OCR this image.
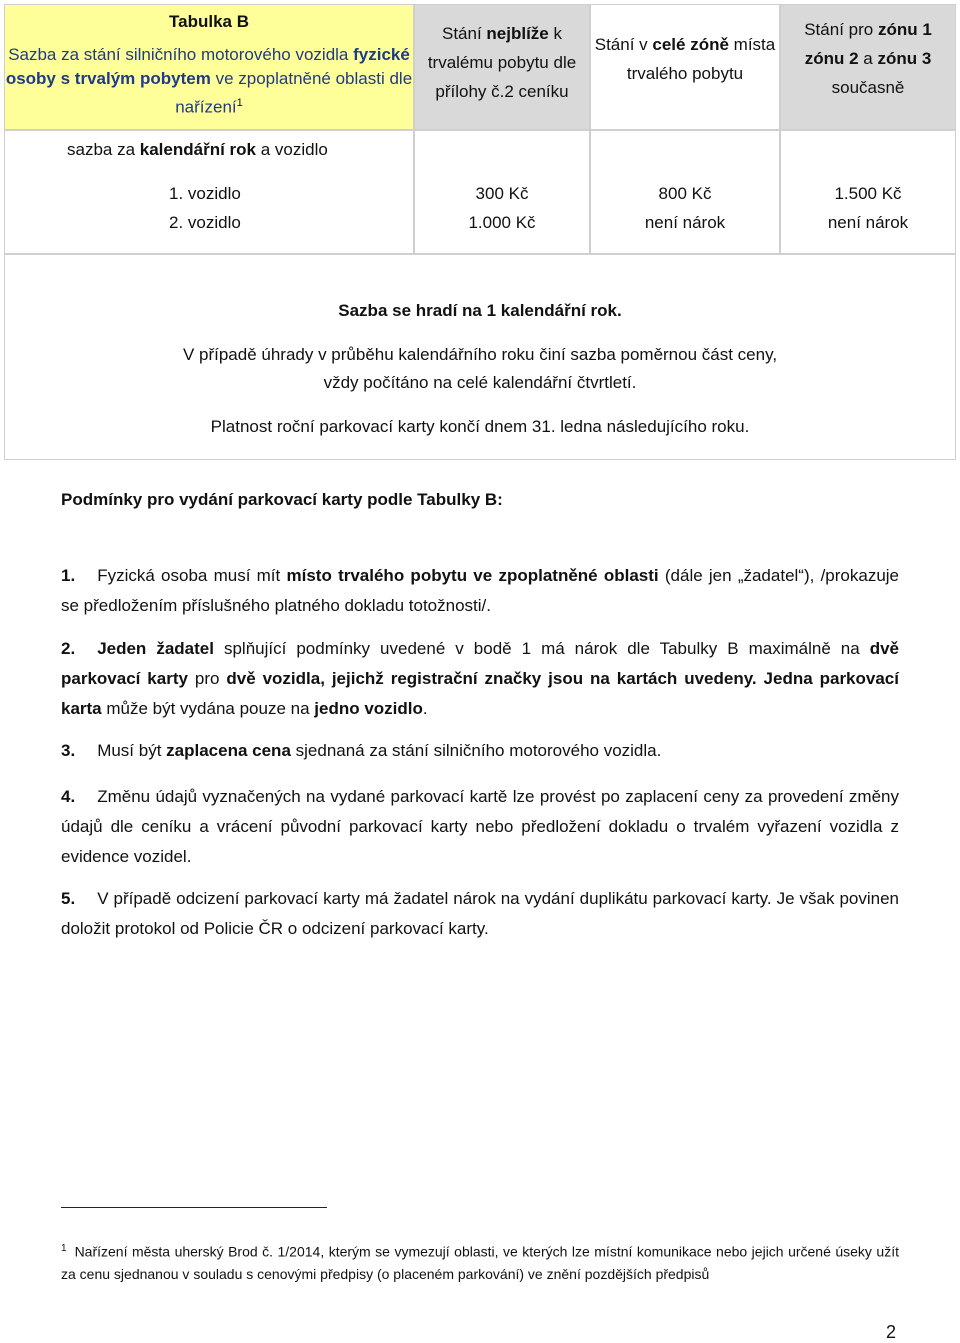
Tabulka B
Sazba za stání silničního motorového vozidla fyzické osoby s trvalým pobytem ve zpoplatněné oblasti dle nařízení$^1$
Stání nejblíže k trvalému pobytu dle přílohy č.2 ceníku
Stání v celé zóně místa trvalého pobytu
Stání pro zónu 1
zónu 2 a zónu 3
současně
sazba za kalendářní rok a vozidlo
1. vozidlo
2. vozidlo
300 Kč
1.000 Kč
800 Kč
není nárok
1.500 Kč
není nárok
Sazba se hradí na 1 kalendářní rok.
V případě úhrady v průběhu kalendářního roku činí sazba poměrnou část ceny,
vždy počítáno na celé kalendářní čtvrtletí.
Platnost roční parkovací karty končí dnem 31. ledna následujícího roku.
Podmínky pro vydání parkovací karty podle Tabulky B:
1. Fyzická osoba musí mít místo trvalého pobytu ve zpoplatněné oblasti (dále jen „žadatel“), /prokazuje se předložením příslušného platného dokladu totožnosti/.
2. Jeden žadatel splňující podmínky uvedené v bodě 1 má nárok dle Tabulky B maximálně na dvě parkovací karty pro dvě vozidla, jejichž registrační značky jsou na kartách uvedeny. Jedna parkovací karta může být vydána pouze na jedno vozidlo.
3. Musí být zaplacena cena sjednaná za stání silničního motorového vozidla.
4. Změnu údajů vyznačených na vydané parkovací kartě lze provést po zaplacení ceny za provedení změny údajů dle ceníku a vrácení původní parkovací karty nebo předložení dokladu o trvalém vyřazení vozidla z evidence vozidel.
5. V případě odcizení parkovací karty má žadatel nárok na vydání duplikátu parkovací karty. Je však povinen doložit protokol od Policie ČR o odcizení parkovací karty.
$^1$ Nařízení města uherský Brod č. 1/2014, kterým se vymezují oblasti, ve kterých lze místní komunikace nebo jejich určené úseky užít za cenu sjednanou v souladu s cenovými předpisy (o placeném parkování) ve znění pozdějších předpisů
2
